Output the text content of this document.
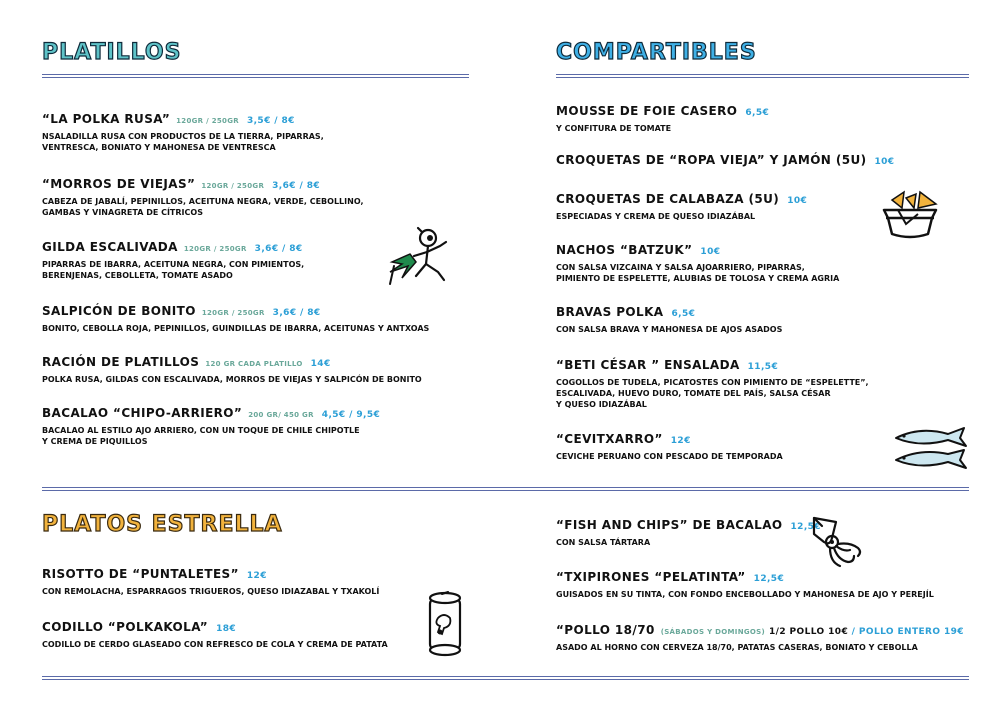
PLATILLOS	COMPARTIBLES
PLATOS ESTRELLA
“LA POLKA RUSA” 120GR / 250GR 3,5€ / 8€
NSALADILLA RUSA CON PRODUCTOS DE LA TIERRA, PIPARRAS,
VENTRESCA, BONIATO Y MAHONESA DE VENTRESCA
“MORROS DE VIEJAS” 120GR / 250GR 3,6€ / 8€
CABEZA DE JABALÍ, PEPINILLOS, ACEITUNA NEGRA, VERDE, CEBOLLINO,
GAMBAS Y VINAGRETA DE CÍTRICOS
GILDA ESCALIVADA 120GR / 250GR 3,6€ / 8€
PIPARRAS DE IBARRA, ACEITUNA NEGRA, CON PIMIENTOS,
BERENJENAS, CEBOLLETA, TOMATE ASADO
SALPICÓN DE BONITO 120GR / 250GR 3,6€ / 8€
BONITO, CEBOLLA ROJA, PEPINILLOS, GUINDILLAS DE IBARRA, ACEITUNAS Y ANTXOAS
RACIÓN DE PLATILLOS 120 GR CADA PLATILLO 14€
POLKA RUSA, GILDAS CON ESCALIVADA, MORROS DE VIEJAS Y SALPICÓN DE BONITO
BACALAO “CHIPO-ARRIERO” 200 GR/ 450 GR 4,5€ / 9,5€
BACALAO AL ESTILO AJO ARRIERO, CON UN TOQUE DE CHILE CHIPOTLE
Y CREMA DE PIQUILLOS
MOUSSE DE FOIE CASERO 6,5€
Y CONFITURA DE TOMATE
CROQUETAS DE “ROPA VIEJA” Y JAMÓN (5U) 10€
CROQUETAS DE CALABAZA (5U) 10€
ESPECIADAS Y CREMA DE QUESO IDIAZÁBAL
NACHOS “BATZUK” 10€
CON SALSA VIZCAINA Y SALSA AJOARRIERO, PIPARRAS,
PIMIENTO DE ESPELETTE, ALUBIAS DE TOLOSA Y CREMA AGRIA
BRAVAS POLKA 6,5€
CON SALSA BRAVA Y MAHONESA DE AJOS ASADOS
“BETI CÉSAR ” ENSALADA 11,5€
COGOLLOS DE TUDELA, PICATOSTES CON PIMIENTO DE “ESPELETTE”,
ESCALIVADA, HUEVO DURO, TOMATE DEL PAÍS, SALSA CÉSAR
Y QUESO IDIAZÁBAL
“CEVITXARRO” 12€
CEVICHE PERUANO CON PESCADO DE TEMPORADA
RISOTTO DE “PUNTALETES” 12€
CON REMOLACHA, ESPARRAGOS TRIGUEROS, QUESO IDIAZABAL Y TXAKOLÍ
CODILLO “POLKAKOLA” 18€
CODILLO DE CERDO GLASEADO CON REFRESCO DE COLA Y CREMA DE PATATA
“FISH AND CHIPS” DE BACALAO 12,5€
CON SALSA TÁRTARA
“TXIPIRONES “PELATINTA” 12,5€
GUISADOS EN SU TINTA, CON FONDO ENCEBOLLADO Y MAHONESA DE AJO Y PEREJÍL
“POLLO 18/70 (SÁBADOS Y DOMINGOS) 1/2 POLLO 10€ / POLLO ENTERO 19€
ASADO AL HORNO CON CERVEZA 18/70, PATATAS CASERAS, BONIATO Y CEBOLLA
